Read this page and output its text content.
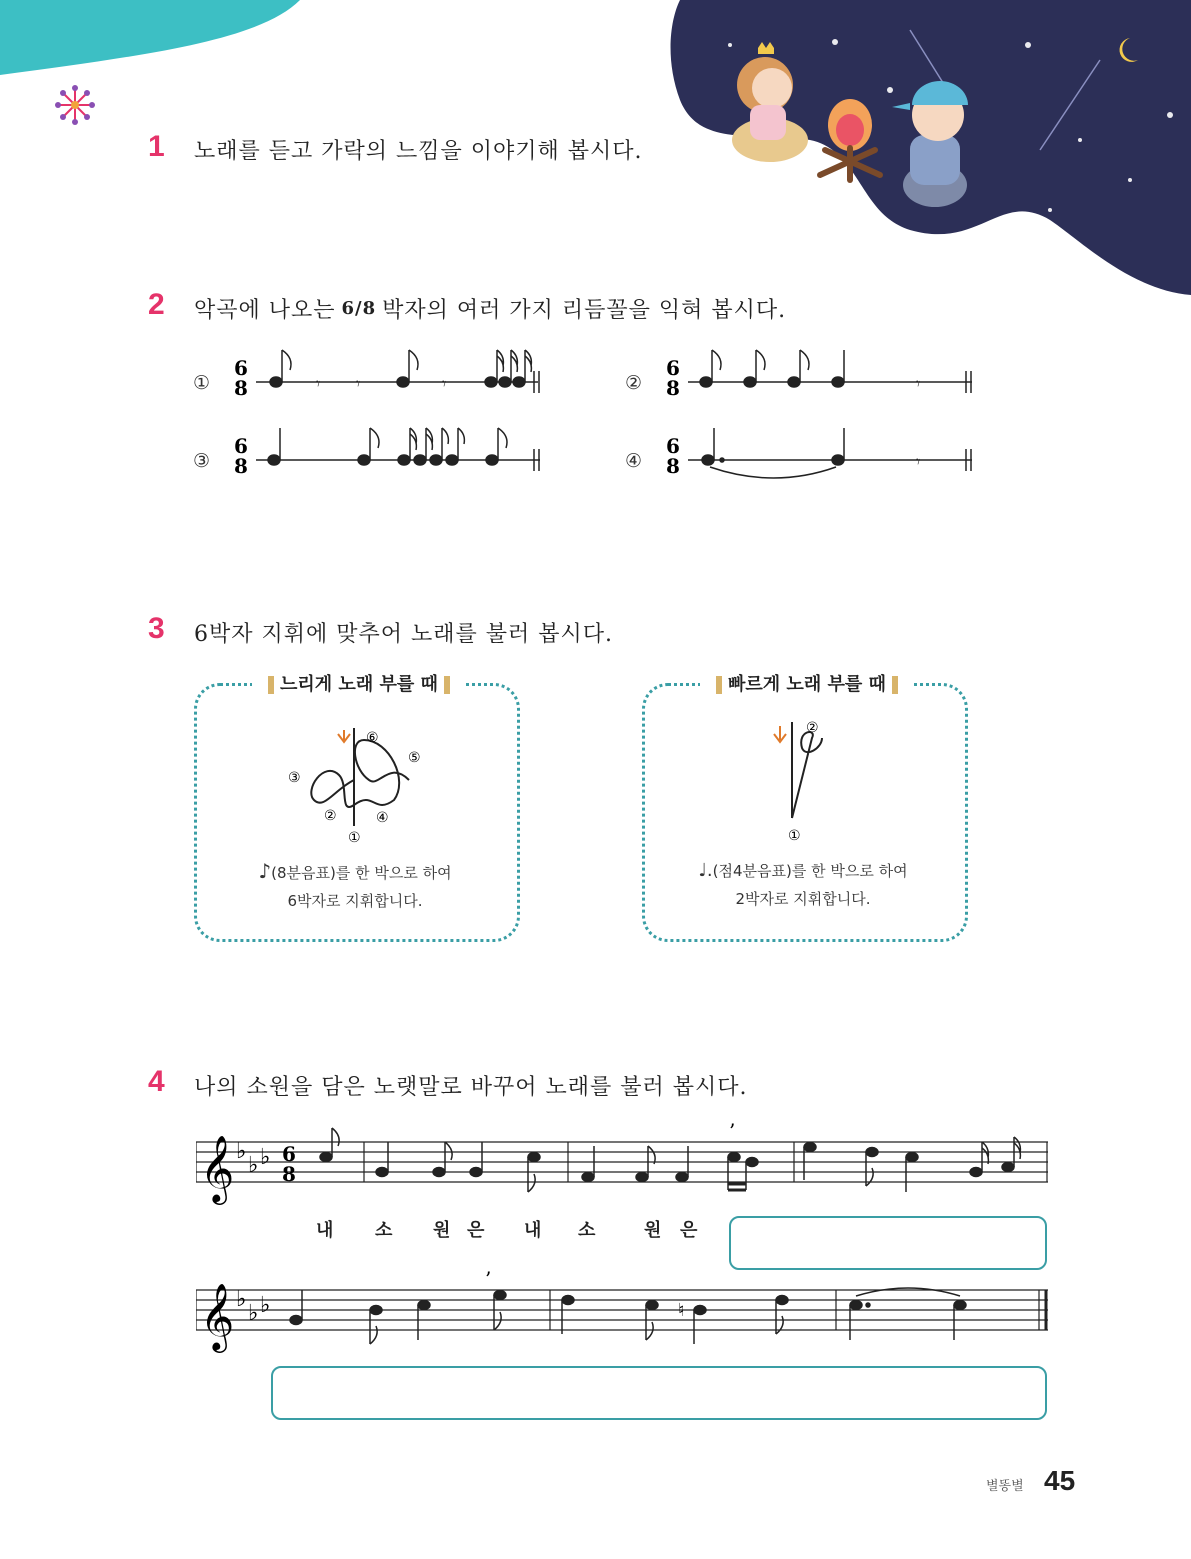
1 노래를 듣고 가락의 느낌을 이야기해 봅시다.
2 악곡에 나오는 6/8 박자의 여러 가지 리듬꼴을 익혀 봅시다.
①
6
8	𝄾 𝄾	𝄾	②
6
8	𝄾
③
6
8	④
6
8	𝄾
3 6박자 지휘에 맞추어 노래를 불러 봅시다.
느리게 노래 부를 때
①
②
③
④
⑤
⑥
♪(8분음표)를 한 박으로 하여
6박자로 지휘합니다.
빠르게 노래 부를 때
①
②
♩.(점4분음표)를 한 박으로 하여
2박자로 지휘합니다.
4 나의 소원을 담은 노랫말로 바꾸어 노래를 불러 봅시다.
𝄞 ♭
♭ ♭ 6
8
’
내 소 원 은 내 소	원 은
𝄞 ♭
♭ ♭	♮
’
별똥별 45
